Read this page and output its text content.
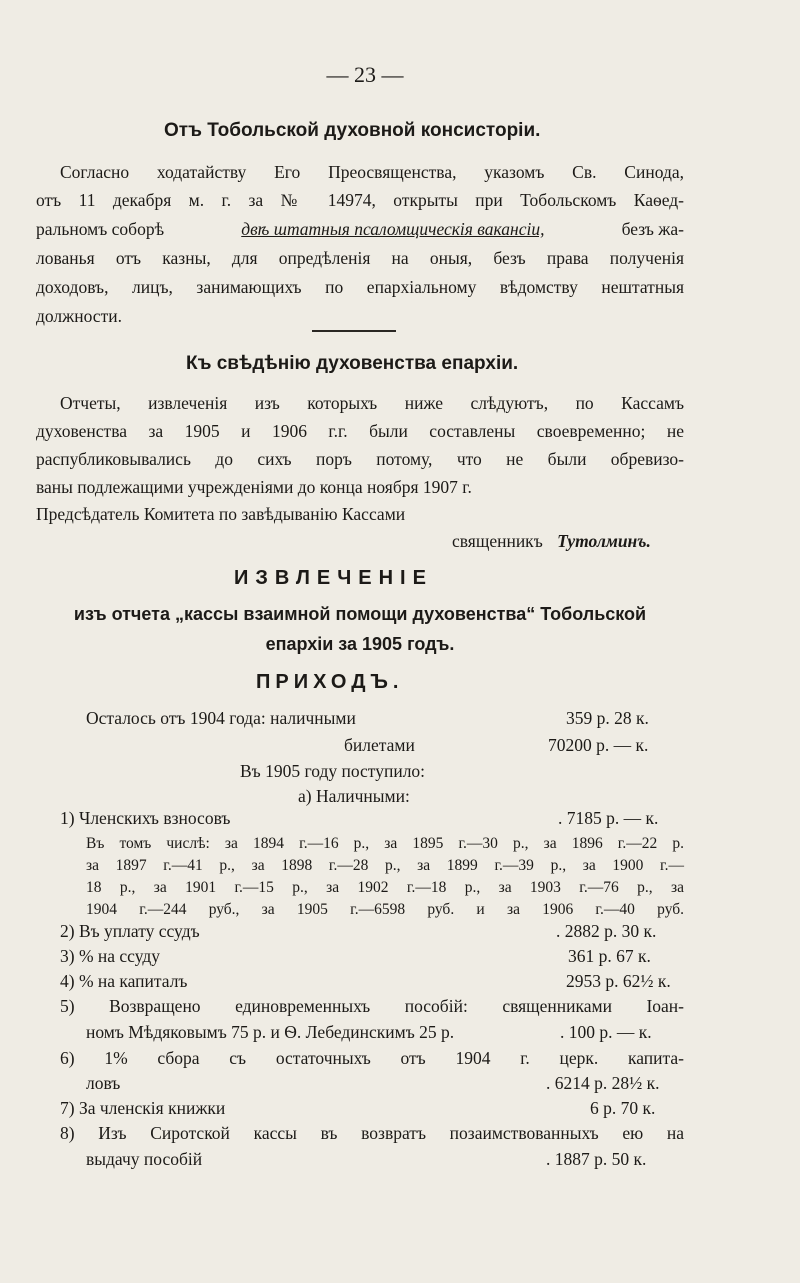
— 23 —
Отъ Тобольской духовной консисторіи.
Согласно ходатайству Его Преосвященства, указомъ Св. Синода,
отъ 11 декабря м. г. за № 14974, открыты при Тобольскомъ Каѳед-
ральномъ соборѣ	двѣ штатныя псаломщическія вакансіи,	безъ жа-
лованья отъ казны, для опредѣленія на оныя, безъ права полученія
доходовъ, лицъ, занимающихъ по епархіальному вѣдомству нештатныя
должности.
Къ свѣдѣнію духовенства епархіи.
Отчеты, извлеченія изъ которыхъ ниже слѣдуютъ, по Кассамъ
духовенства за 1905 и 1906 г.г. были составлены своевременно; не
распубликовывались до сихъ поръ потому, что не были обревизо-
ваны подлежащими учрежденіями до конца ноября 1907 г.
Предсѣдатель Комитета по завѣдыванію Кассами
священникъ Тутолминъ.
ИЗВЛЕЧЕНІЕ
изъ отчета „кассы взаимной помощи духовенства“ Тобольской
епархіи за 1905 годъ.
ПРИХОДЪ.
Осталось отъ 1904 года: наличными	359 р. 28 к.
билетами	70200 р. — к.
Въ 1905 году поступило:
а) Наличными:
1) Членскихъ взносовъ	. 7185 р. — к.
Въ томъ числѣ: за 1894 г.—16 р., за 1895 г.—30 р., за 1896 г.—22 р.
за 1897 г.—41 р., за 1898 г.—28 р., за 1899 г.—39 р., за 1900 г.—
18 р., за 1901 г.—15 р., за 1902 г.—18 р., за 1903 г.—76 р., за
1904 г.—244 руб., за 1905 г.—6598 руб. и за 1906 г.—40 руб.
2) Въ уплату ссудъ	. 2882 р. 30 к.
3) % на ссуду	361 р. 67 к.
4) % на капиталъ	2953 р. 62½ к.
5) Возвращено единовременныхъ пособій: священниками Іоан-
номъ Мѣдяковымъ 75 р. и Ѳ. Лебединскимъ 25 р.	. 100 р. — к.
6) 1% сбора съ остаточныхъ отъ 1904 г. церк. капита-
ловъ	. 6214 р. 28½ к.
7) За членскія книжки	6 р. 70 к.
8) Изъ Сиротской кассы въ возвратъ позаимствованныхъ ею на
выдачу пособій	. 1887 р. 50 к.
